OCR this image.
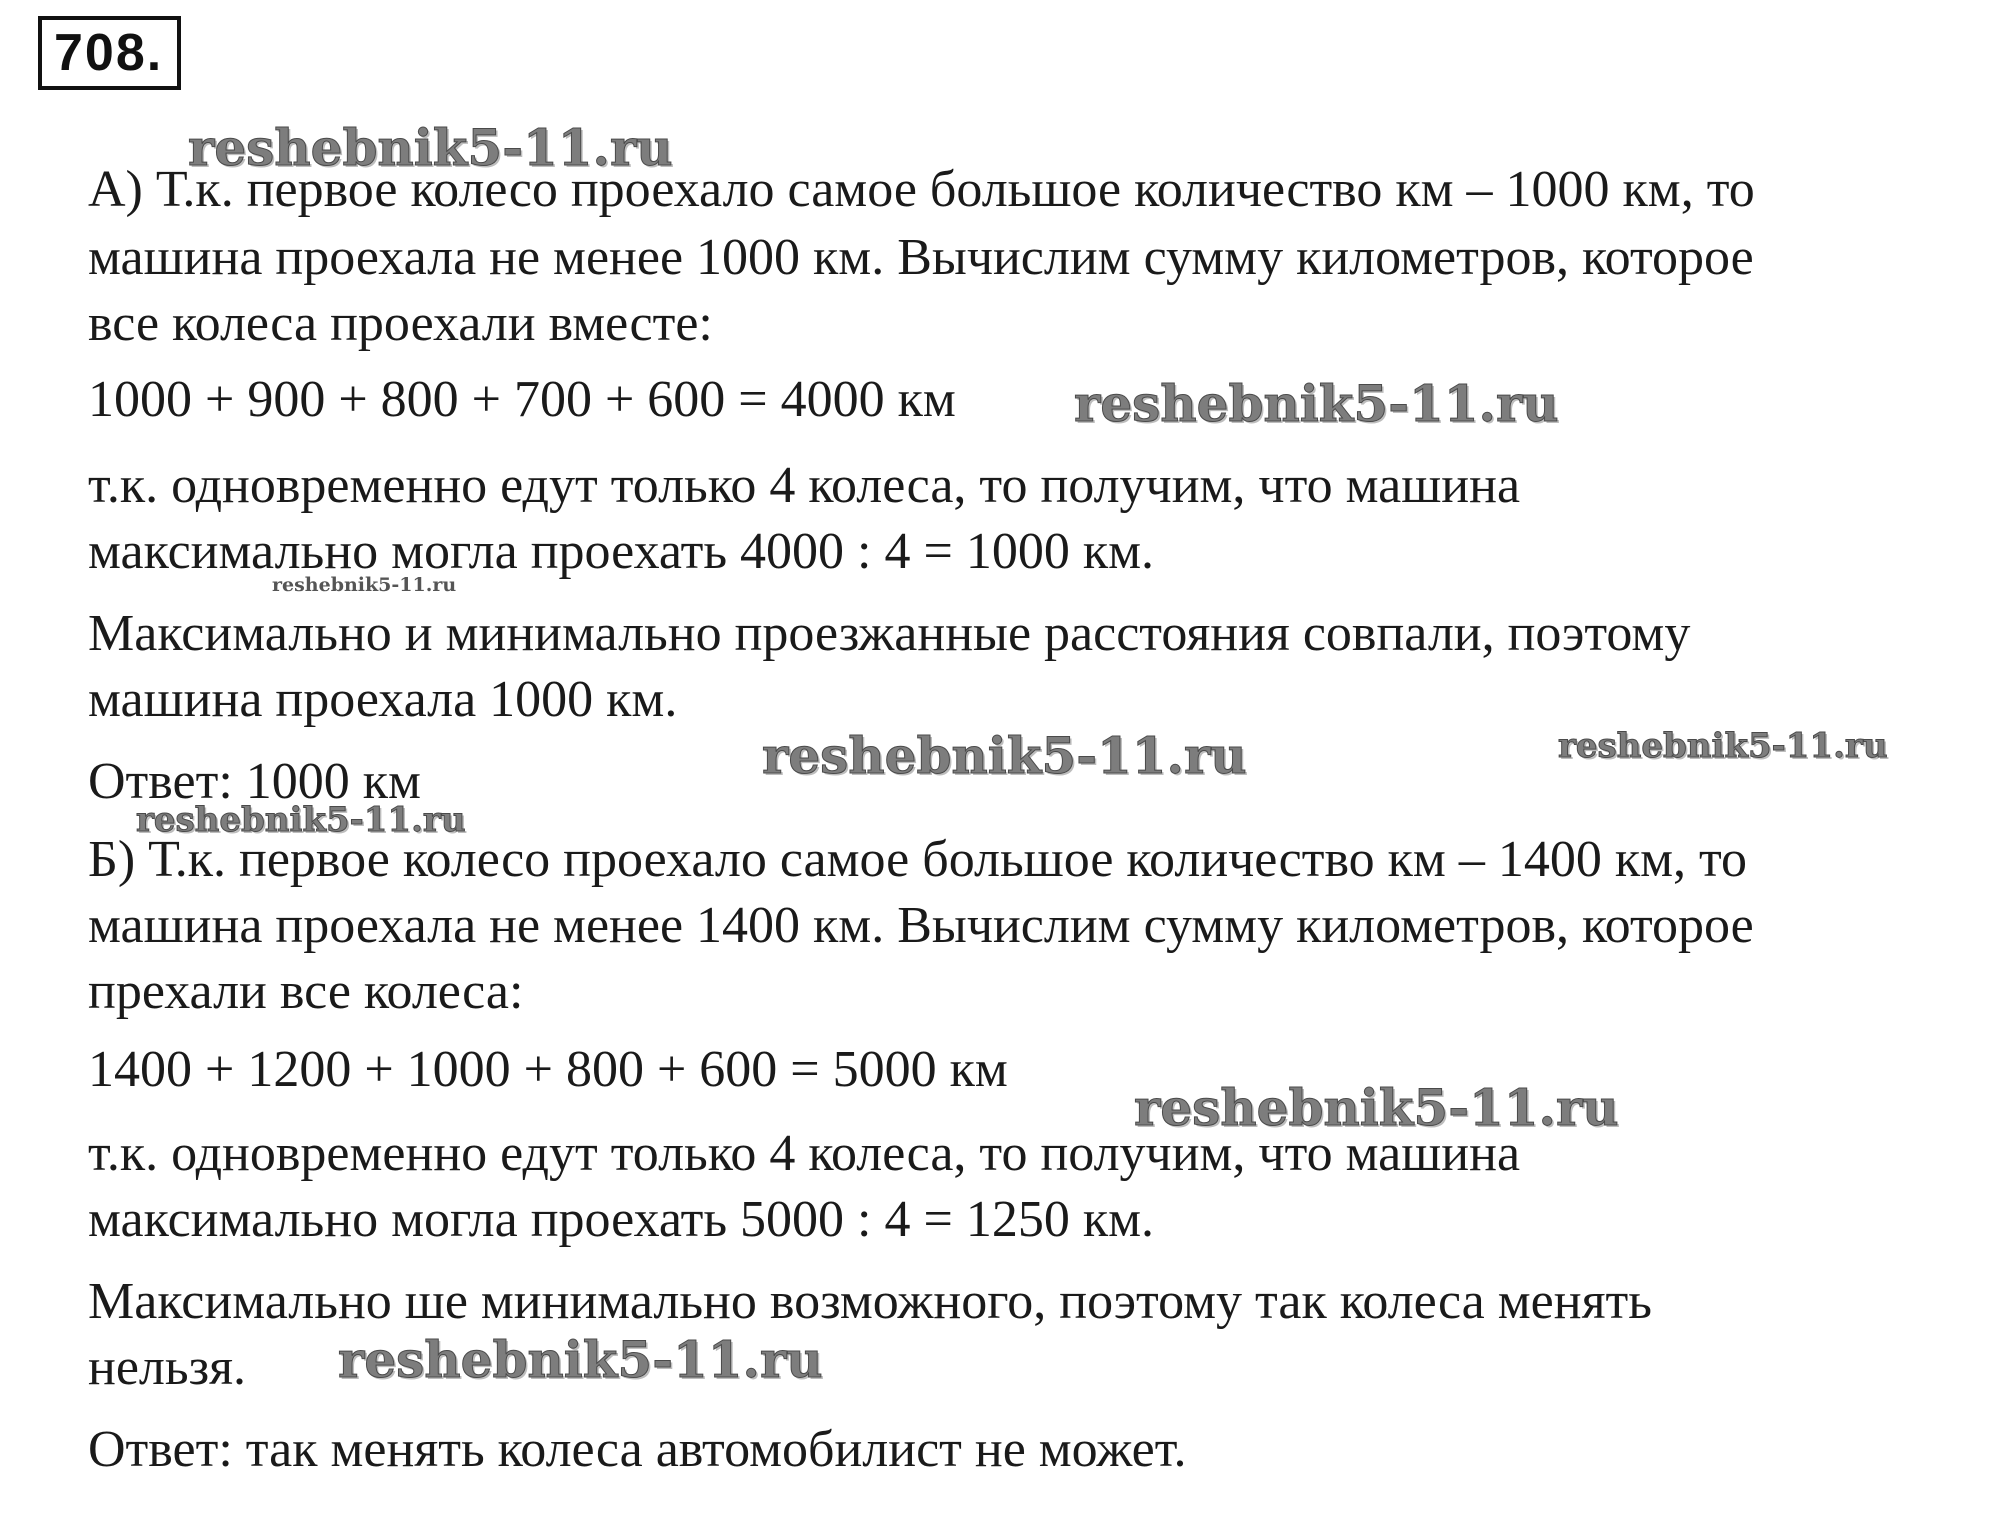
708.
А) Т.к. первое колесо проехало самое большое количество км – 1000 км, то
машина проехала не менее 1000 км. Вычислим сумму километров, которое
все колеса проехали вместе:
1000 + 900 + 800 + 700 + 600 = 4000 км
т.к. одновременно едут только 4 колеса, то получим, что машина
максимально могла проехать 4000 : 4 = 1000 км.
Максимально и минимально проезжанные расстояния совпали, поэтому
машина проехала 1000 км.
Ответ: 1000 км
Б) Т.к. первое колесо проехало самое большое количество км – 1400 км, то
машина проехала не менее 1400 км. Вычислим сумму километров, которое
прехали все колеса:
1400 + 1200 + 1000 + 800 + 600 = 5000 км
т.к. одновременно едут только 4 колеса, то получим, что машина
максимально могла проехать 5000 : 4 = 1250 км.
Максимально ше минимально возможного, поэтому так колеса менять
нельзя.
Ответ: так менять колеса автомобилист не может.
reshebnik5-11.ru
reshebnik5-11.ru
reshebnik5-11.ru
reshebnik5-11.ru	reshebnik5-11.ru
reshebnik5-11.ru
reshebnik5-11.ru
reshebnik5-11.ru
